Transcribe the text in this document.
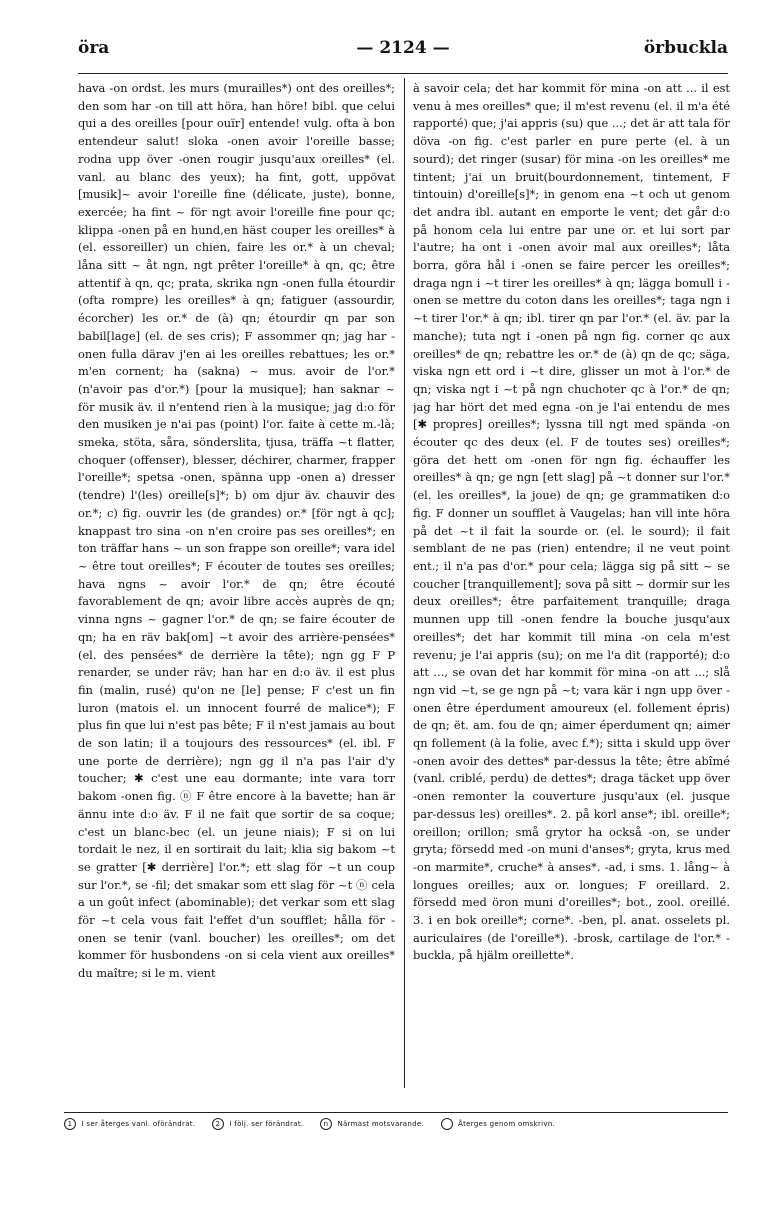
öra	— 2124 —	örbuckla
hava -on ordst. les murs (murailles*) ont des oreilles*; den som har -on till att höra, han höre! bibl. que celui qui a des oreilles [pour ouïr] entende! vulg. ofta à bon entendeur salut! sloka -onen avoir l'oreille basse; rodna upp över -onen rougir jusqu'aux oreilles* (el. vanl. au blanc des yeux); ha fint, gott, uppövat [musik]~ avoir l'oreille fine (délicate, juste), bonne, exercée; ha fint ~ för ngt avoir l'oreille fine pour qc; klippa -onen på en hund,en häst couper les oreilles* à (el. essoreiller) un chien, faire les or.* à un cheval; låna sitt ~ åt ngn, ngt prêter l'oreille* à qn, qc; être attentif à qn, qc; prata, skrika ngn -onen fulla étourdir (ofta rompre) les oreilles* à qn; fatiguer (assourdir, écorcher) les or.* de (à) qn; étourdir qn par son babil[lage] (el. de ses cris); F assommer qn; jag har -onen fulla därav j'en ai les oreilles rebattues; les or.* m'en cornent; ha (sakna) ~ mus. avoir de l'or.* (n'avoir pas d'or.*) [pour la musique]; han saknar ~ för musik äv. il n'entend rien à la musique; jag d:o för den musiken je n'ai pas (point) l'or. faite à cette m.-là; smeka, stöta, såra, sönderslita, tjusa, träffa ~t flatter, choquer (offenser), blesser, déchirer, charmer, frapper l'oreille*; spetsa -onen, spänna upp -onen a) dresser (tendre) l'(les) oreille[s]*; b) om djur äv. chauvir des or.*; c) fig. ouvrir les (de grandes) or.* [för ngt à qc]; knappast tro sina -on n'en croire pas ses oreilles*; en ton träffar hans ~ un son frappe son oreille*; vara idel ~ être tout oreilles*; F écouter de toutes ses oreilles; hava ngns ~ avoir l'or.* de qn; être écouté favorablement de qn; avoir libre accès auprès de qn; vinna ngns ~ gagner l'or.* de qn; se faire écouter de qn; ha en räv bak[om] ~t avoir des arrière-pensées* (el. des pensées* de derrière la tête); ngn gg F P renarder, se under räv; han har en d:o äv. il est plus fin (malin, rusé) qu'on ne [le] pense; F c'est un fin luron (matois el. un innocent fourré de malice*); F plus fin que lui n'est pas bête; F il n'est jamais au bout de son latin; il a toujours des ressources* (el. ibl. F une porte de derrière); ngn gg il n'a pas l'air d'y toucher; ✱ c'est une eau dormante; inte vara torr bakom -onen fig. ⓝ F être encore à la bavette; han är ännu inte d:o äv. F il ne fait que sortir de sa coque; c'est un blanc-bec (el. un jeune niais); F si on lui tordait le nez, il en sortirait du lait; klia sig bakom ~t se gratter [✱ derrière] l'or.*; ett slag för ~t un coup sur l'or.*, se -fil; det smakar som ett slag för ~t ⓝ cela a un goût infect (abominable); det verkar som ett slag för ~t cela vous fait l'effet d'un soufflet; hålla för -onen se tenir (vanl. boucher) les oreilles*; om det kommer för husbondens -on si cela vient aux oreilles* du maître; si le m. vient
à savoir cela; det har kommit för mina -on att ... il est venu à mes oreilles* que; il m'est revenu (el. il m'a été rapporté) que; j'ai appris (su) que ...; det är att tala för döva -on fig. c'est parler en pure perte (el. à un sourd); det ringer (susar) för mina -on les oreilles* me tintent; j'ai un bruit(bourdonnement, tintement, F tintouin) d'oreille[s]*; in genom ena ~t och ut genom det andra ibl. autant en emporte le vent; det går d:o på honom cela lui entre par une or. et lui sort par l'autre; ha ont i -onen avoir mal aux oreilles*; låta borra, göra hål i -onen se faire percer les oreilles*; draga ngn i ~t tirer les oreilles* à qn; lägga bomull i -onen se mettre du coton dans les oreilles*; taga ngn i ~t tirer l'or.* à qn; ibl. tirer qn par l'or.* (el. äv. par la manche); tuta ngt i -onen på ngn fig. corner qc aux oreilles* de qn; rebattre les or.* de (à) qn de qc; säga, viska ngn ett ord i ~t dire, glisser un mot à l'or.* de qn; viska ngt i ~t på ngn chuchoter qc à l'or.* de qn; jag har hört det med egna -on je l'ai entendu de mes [✱ propres] oreilles*; lyssna till ngt med spända -on écouter qc des deux (el. F de toutes ses) oreilles*; göra det hett om -onen för ngn fig. échauffer les oreilles* à qn; ge ngn [ett slag] på ~t donner sur l'or.* (el. les oreilles*, la joue) de qn; ge grammatiken d:o fig. F donner un soufflet à Vaugelas; han vill inte höra på det ~t il fait la sourde or. (el. le sourd); il fait semblant de ne pas (rien) entendre; il ne veut point ent.; il n'a pas d'or.* pour cela; lägga sig på sitt ~ se coucher [tranquillement]; sova på sitt ~ dormir sur les deux oreilles*; être parfaitement tranquille; draga munnen upp till -onen fendre la bouche jusqu'aux oreilles*; det har kommit till mina -on cela m'est revenu; je l'ai appris (su); on me l'a dit (rapporté); d:o att ..., se ovan det har kommit för mina -on att ...; slå ngn vid ~t, se ge ngn på ~t; vara kär i ngn upp över -onen être éperdument amoureux (el. follement épris) de qn; ët. am. fou de qn; aimer éperdument qn; aimer qn follement (à la folie, avec f.*); sitta i skuld upp över -onen avoir des dettes* par-dessus la tête; être abîmé (vanl. criblé, perdu) de dettes*; draga täcket upp över -onen remonter la couverture jusqu'aux (el. jusque par-dessus les) oreilles*. 2. på korl anse*; ibl. oreille*; oreillon; orillon; små grytor ha också -on, se under gryta; försedd med -on muni d'anses*; gryta, krus med -on marmite*, cruche* à anses*. -ad, i sms. 1. lång~ à longues oreilles; aux or. longues; F oreillard. 2. försedd med öron muni d'oreilles*; bot., zool. oreillé. 3. i en bok oreille*; corne*. -ben, pl. anat. osselets pl. auriculaires (de l'oreille*). -brosk, cartilage de l'or.* -buckla, på hjälm oreillette*.
1 I ser återges vanl. oförändrat.	2 I följ. ser förändrat.	n Närmast motsvarande.	Återges genom omskrivn.
